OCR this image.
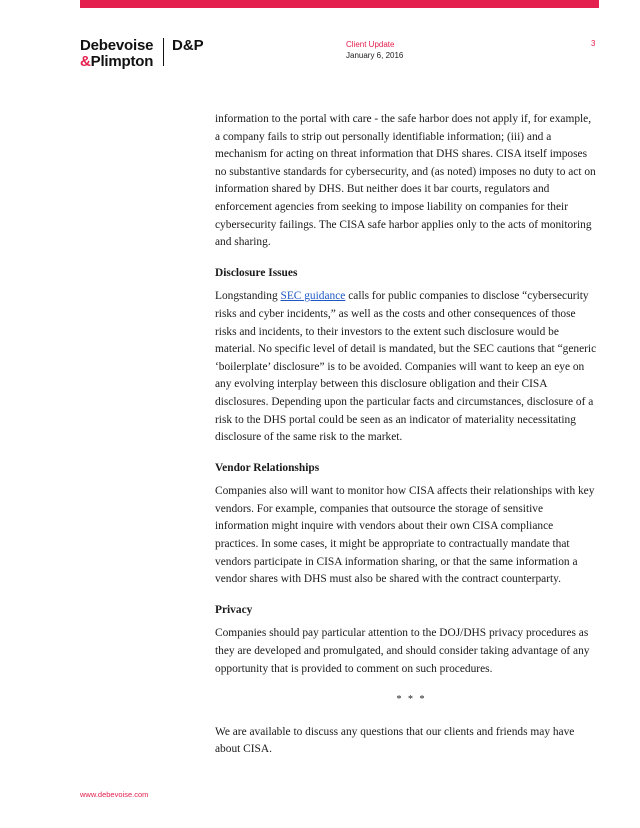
Debevoise
&Plimpton
D&P	Client Update
January 6, 2016
3

information to the portal with care - the safe harbor does not apply if, for example, a company fails to strip out personally identifiable information; (iii) and a mechanism for acting on threat information that DHS shares. CISA itself imposes no substantive standards for cybersecurity, and (as noted) imposes no duty to act on information shared by DHS. But neither does it bar courts, regulators and enforcement agencies from seeking to impose liability on companies for their cybersecurity failings. The CISA safe harbor applies only to the acts of monitoring and sharing.

Disclosure Issues

Longstanding SEC guidance calls for public companies to disclose “cybersecurity risks and cyber incidents,” as well as the costs and other consequences of those risks and incidents, to their investors to the extent such disclosure would be material. No specific level of detail is mandated, but the SEC cautions that “generic ‘boilerplate’ disclosure” is to be avoided. Companies will want to keep an eye on any evolving interplay between this disclosure obligation and their CISA disclosures. Depending upon the particular facts and circumstances, disclosure of a risk to the DHS portal could be seen as an indicator of materiality necessitating disclosure of the same risk to the market.

Vendor Relationships

Companies also will want to monitor how CISA affects their relationships with key vendors. For example, companies that outsource the storage of sensitive information might inquire with vendors about their own CISA compliance practices. In some cases, it might be appropriate to contractually mandate that vendors participate in CISA information sharing, or that the same information a vendor shares with DHS must also be shared with the contract counterparty.

Privacy

Companies should pay particular attention to the DOJ/DHS privacy procedures as they are developed and promulgated, and should consider taking advantage of any opportunity that is provided to comment on such procedures.

* * *

We are available to discuss any questions that our clients and friends may have about CISA.

www.debevoise.com
